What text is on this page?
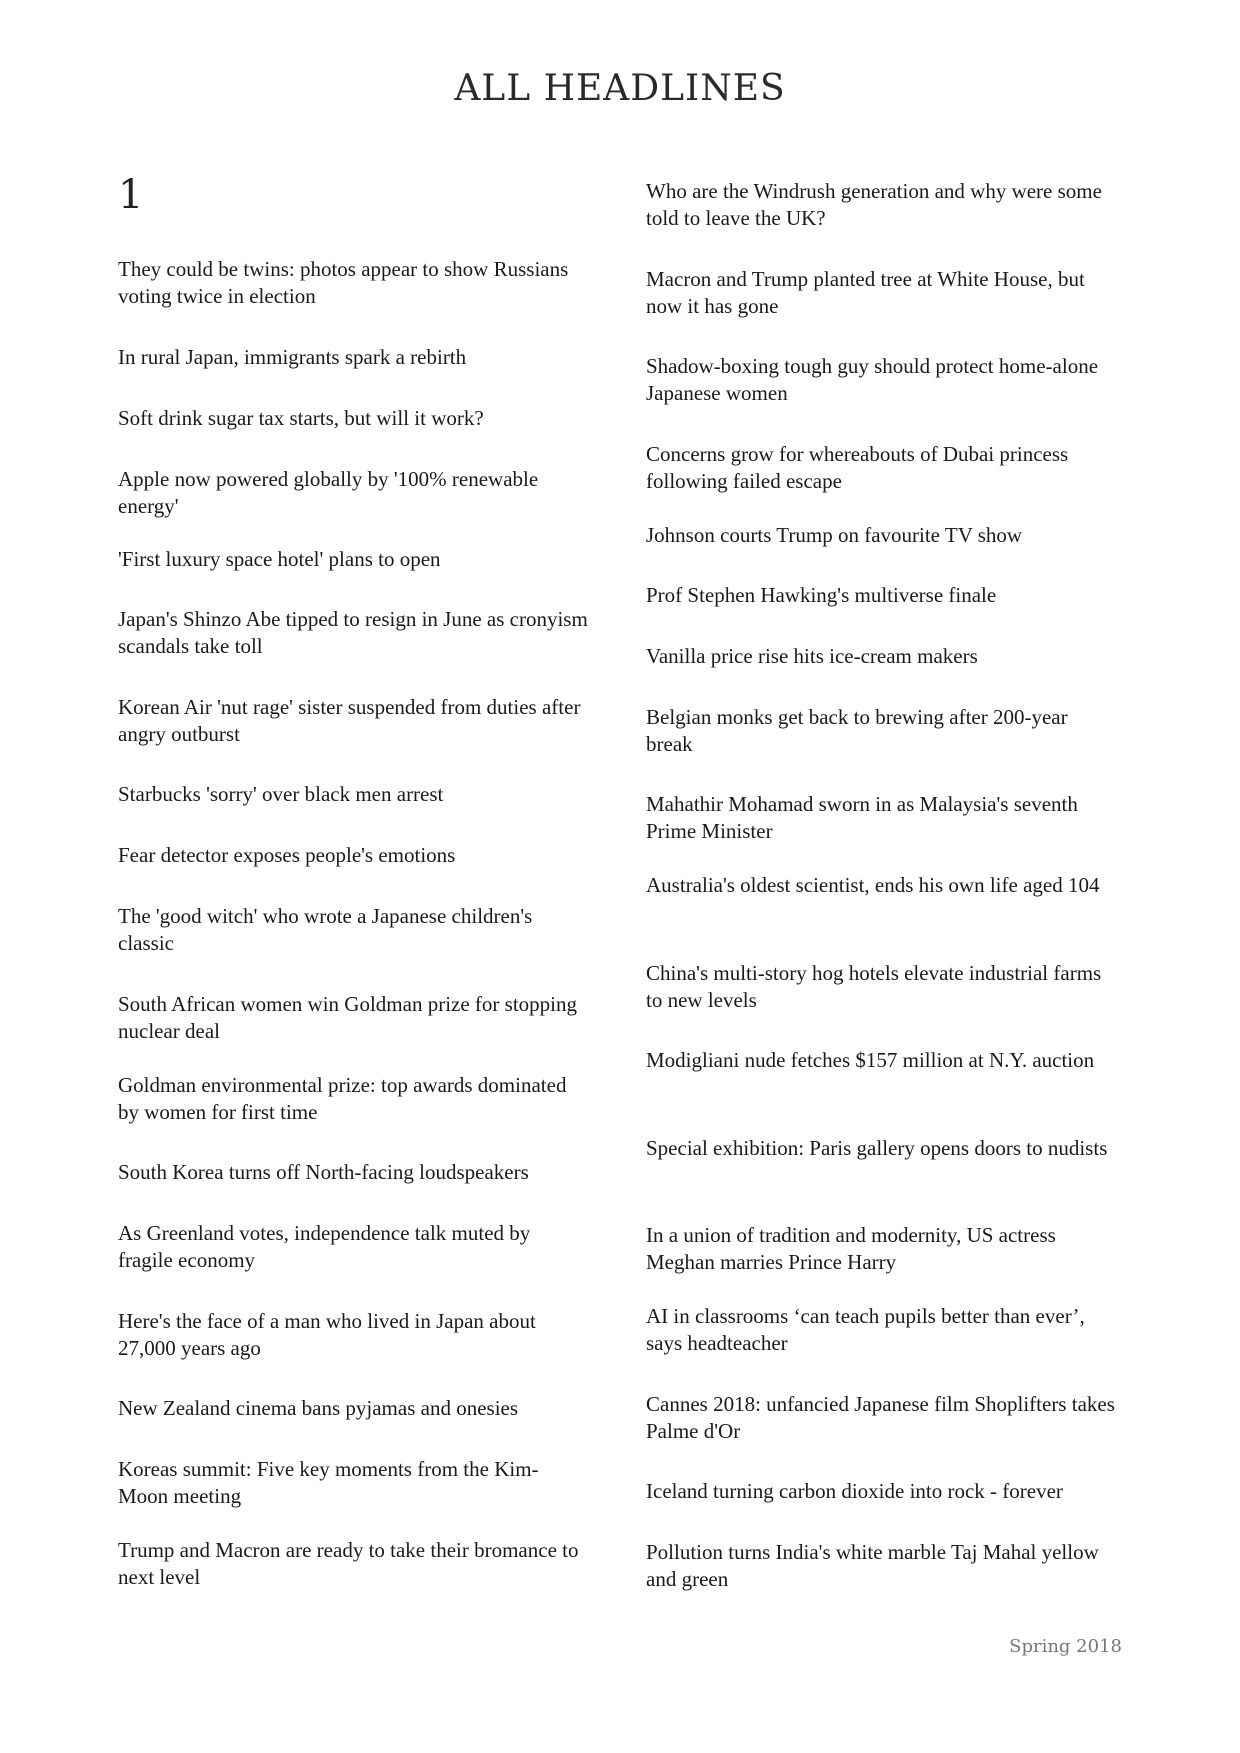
ALL HEADLINES
1
They could be twins: photos appear to show Russians voting twice in election
In rural Japan, immigrants spark a rebirth
Soft drink sugar tax starts, but will it work?
Apple now powered globally by '100% renewable energy'
'First luxury space hotel' plans to open
Japan's Shinzo Abe tipped to resign in June as cronyism scandals take toll
Korean Air 'nut rage' sister suspended from duties after angry outburst
Starbucks 'sorry' over black men arrest
Fear detector exposes people's emotions
The 'good witch' who wrote a Japanese children's classic
South African women win Goldman prize for stopping nuclear deal
Goldman environmental prize: top awards dominated by women for first time
South Korea turns off North-facing loudspeakers
As Greenland votes, independence talk muted by fragile economy
Here's the face of a man who lived in Japan about 27,000 years ago
New Zealand cinema bans pyjamas and onesies
Koreas summit: Five key moments from the Kim-Moon meeting
Trump and Macron are ready to take their bromance to next level
Who are the Windrush generation and why were some told to leave the UK?
Macron and Trump planted tree at White House, but now it has gone
Shadow-boxing tough guy should protect home-alone Japanese women
Concerns grow for whereabouts of Dubai princess following failed escape
Johnson courts Trump on favourite TV show
Prof Stephen Hawking's multiverse finale
Vanilla price rise hits ice-cream makers
Belgian monks get back to brewing after 200-year break
Mahathir Mohamad sworn in as Malaysia's seventh Prime Minister
Australia's oldest scientist, ends his own life aged 104
China's multi-story hog hotels elevate industrial farms to new levels
Modigliani nude fetches $157 million at N.Y. auction
Special exhibition: Paris gallery opens doors to nudists
In a union of tradition and modernity, US actress Meghan marries Prince Harry
AI in classrooms ‘can teach pupils better than ever’, says headteacher
Cannes 2018: unfancied Japanese film Shoplifters takes Palme d'Or
Iceland turning carbon dioxide into rock - forever
Pollution turns India's white marble Taj Mahal yellow and green
Spring 2018
